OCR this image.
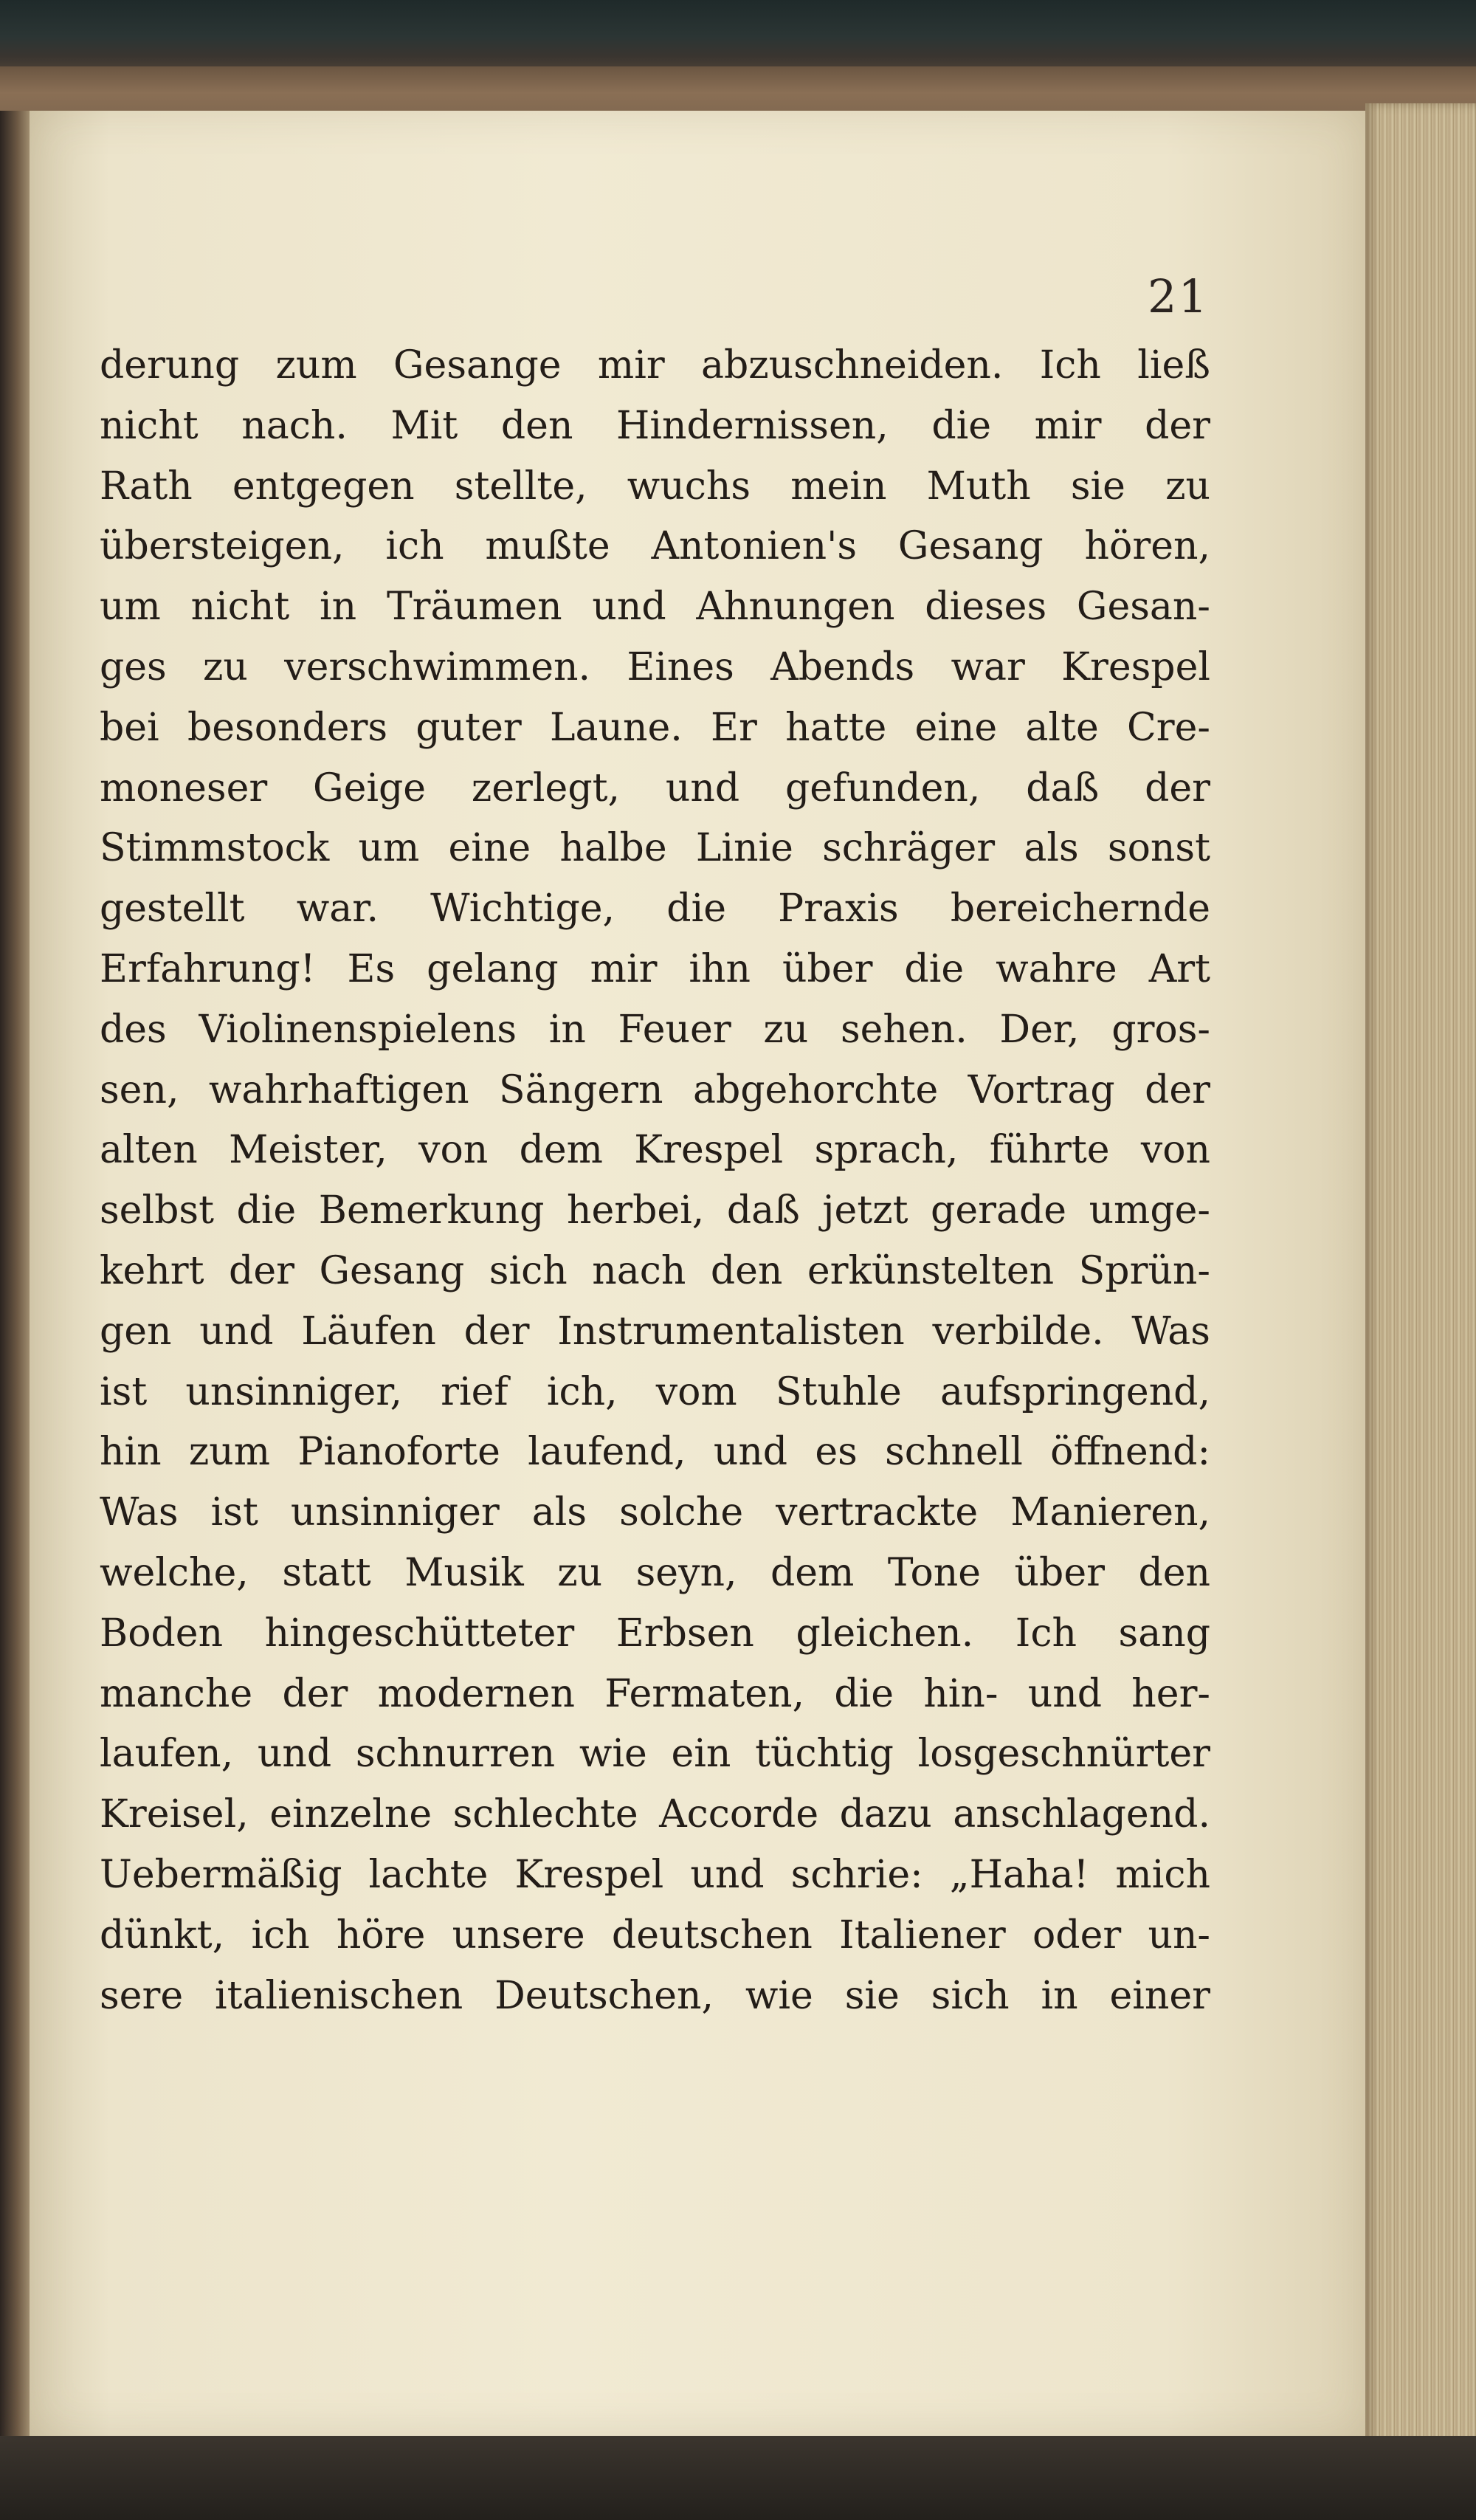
derung zum Gesange mir abzuschneiden. Ich ließ
nicht nach. Mit den Hindernissen, die mir der
Rath entgegen stellte, wuchs mein Muth sie zu
übersteigen, ich mußte Antonien's Gesang hören,
um nicht in Träumen und Ahnungen dieses Gesan-
ges zu verschwimmen. Eines Abends war Krespel
bei besonders guter Laune. Er hatte eine alte Cre-
moneser Geige zerlegt, und gefunden, daß der
Stimmstock um eine halbe Linie schräger als sonst
gestellt war. Wichtige, die Praxis bereichernde
Erfahrung! Es gelang mir ihn über die wahre Art
des Violinenspielens in Feuer zu sehen. Der, gros-
sen, wahrhaftigen Sängern abgehorchte Vortrag der
alten Meister, von dem Krespel sprach, führte von
selbst die Bemerkung herbei, daß jetzt gerade umge-
kehrt der Gesang sich nach den erkünstelten Sprün-
gen und Läufen der Instrumentalisten verbilde. Was
ist unsinniger, rief ich, vom Stuhle aufspringend,
hin zum Pianoforte laufend, und es schnell öffnend:
Was ist unsinniger als solche vertrackte Manieren,
welche, statt Musik zu seyn, dem Tone über den
Boden hingeschütteter Erbsen gleichen. Ich sang
manche der modernen Fermaten, die hin- und her-
laufen, und schnurren wie ein tüchtig losgeschnürter
Kreisel, einzelne schlechte Accorde dazu anschlagend.
Uebermäßig lachte Krespel und schrie: „Haha! mich
dünkt, ich höre unsere deutschen Italiener oder un-
sere italienischen Deutschen, wie sie sich in einer
